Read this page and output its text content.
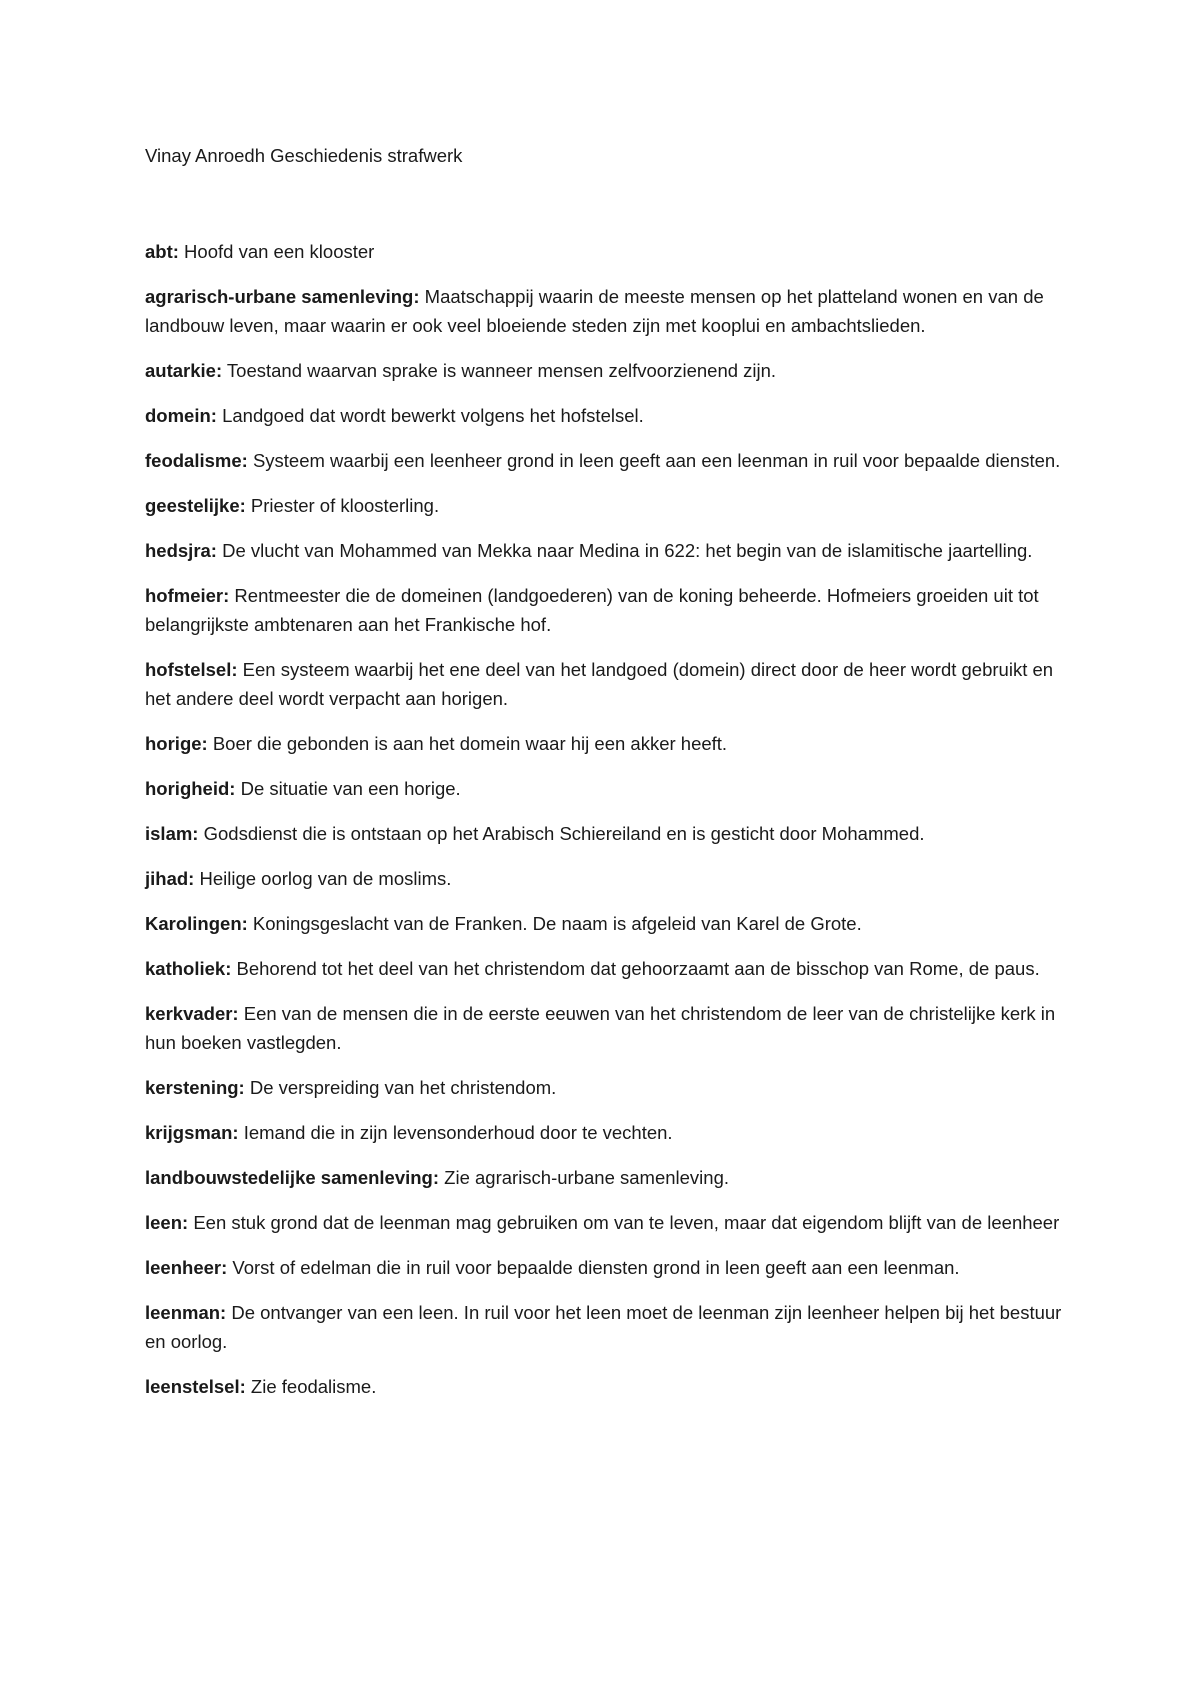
Vinay Anroedh Geschiedenis strafwerk

abt: Hoofd van een klooster

agrarisch-urbane samenleving: Maatschappij waarin de meeste mensen op het platteland wonen en van de landbouw leven, maar waarin er ook veel bloeiende steden zijn met kooplui en ambachtslieden.

autarkie: Toestand waarvan sprake is wanneer mensen zelfvoorzienend zijn.

domein: Landgoed dat wordt bewerkt volgens het hofstelsel.

feodalisme: Systeem waarbij een leenheer grond in leen geeft aan een leenman in ruil voor bepaalde diensten.

geestelijke: Priester of kloosterling.

hedsjra: De vlucht van Mohammed van Mekka naar Medina in 622: het begin van de islamitische jaartelling.

hofmeier: Rentmeester die de domeinen (landgoederen) van de koning beheerde. Hofmeiers groeiden uit tot belangrijkste ambtenaren aan het Frankische hof.

hofstelsel: Een systeem waarbij het ene deel van het landgoed (domein) direct door de heer wordt gebruikt en het andere deel wordt verpacht aan horigen.

horige: Boer die gebonden is aan het domein waar hij een akker heeft.

horigheid: De situatie van een horige.

islam: Godsdienst die is ontstaan op het Arabisch Schiereiland en is gesticht door Mohammed.

jihad: Heilige oorlog van de moslims.

Karolingen: Koningsgeslacht van de Franken. De naam is afgeleid van Karel de Grote.

katholiek: Behorend tot het deel van het christendom dat gehoorzaamt aan de bisschop van Rome, de paus.

kerkvader: Een van de mensen die in de eerste eeuwen van het christendom de leer van de christelijke kerk in hun boeken vastlegden.

kerstening: De verspreiding van het christendom.

krijgsman: Iemand die in zijn levensonderhoud door te vechten.

landbouwstedelijke samenleving: Zie agrarisch-urbane samenleving.

leen: Een stuk grond dat de leenman mag gebruiken om van te leven, maar dat eigendom blijft van de leenheer

leenheer: Vorst of edelman die in ruil voor bepaalde diensten grond in leen geeft aan een leenman.

leenman: De ontvanger van een leen. In ruil voor het leen moet de leenman zijn leenheer helpen bij het bestuur en oorlog.

leenstelsel: Zie feodalisme.
